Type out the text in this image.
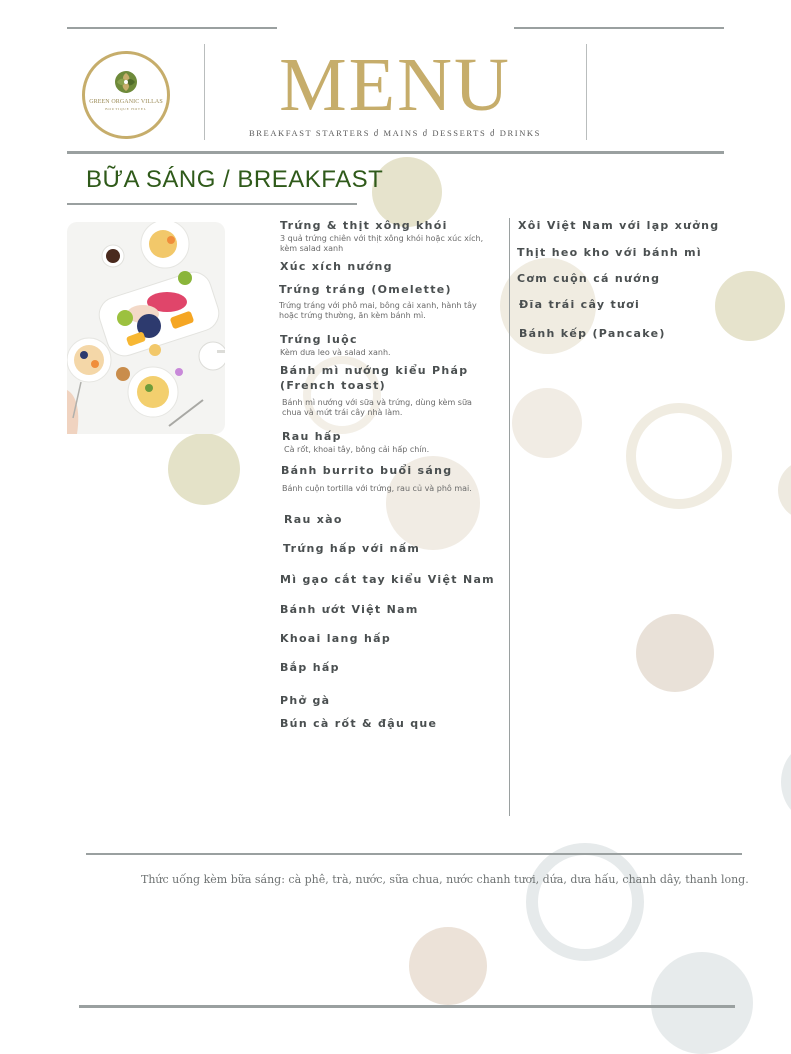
GREEN ORGANIC VILLAS
BOUTIQUE HOTEL MENU
BREAKFAST STARTERS ძ MAINS ძ DESSERTS ძ DRINKS
BỮA SÁNG / BREAKFAST
Trứng & thịt xông khói
3 quả trứng chiên với thịt xông khói hoặc xúc xích, kèm salad xanh
Xúc xích nướng
Trứng tráng (Omelette)
Trứng tráng với phô mai, bông cải xanh, hành tây hoặc trứng thường, ăn kèm bánh mì.
Trứng luộc
Kèm dưa leo và salad xanh.
Bánh mì nướng kiểu Pháp (French toast)
Bánh mì nướng với sữa và trứng, dùng kèm sữa chua và mứt trái cây nhà làm.
Rau hấp
Cà rốt, khoai tây, bông cải hấp chín.
Bánh burrito buổi sáng
Bánh cuộn tortilla với trứng, rau củ và phô mai.
Rau xào
Trứng hấp với nấm
Mì gạo cắt tay kiểu Việt Nam
Bánh ướt Việt Nam
Khoai lang hấp
Bắp hấp
Phở gà
Bún cà rốt & đậu que
Xôi Việt Nam với lạp xưởng
Thịt heo kho với bánh mì
Cơm cuộn cá nướng
Đĩa trái cây tươi
Bánh kếp (Pancake)
Thức uống kèm bữa sáng: cà phê, trà, nước, sữa chua, nước chanh tươi, dứa, dưa hấu, chanh dây, thanh long.
